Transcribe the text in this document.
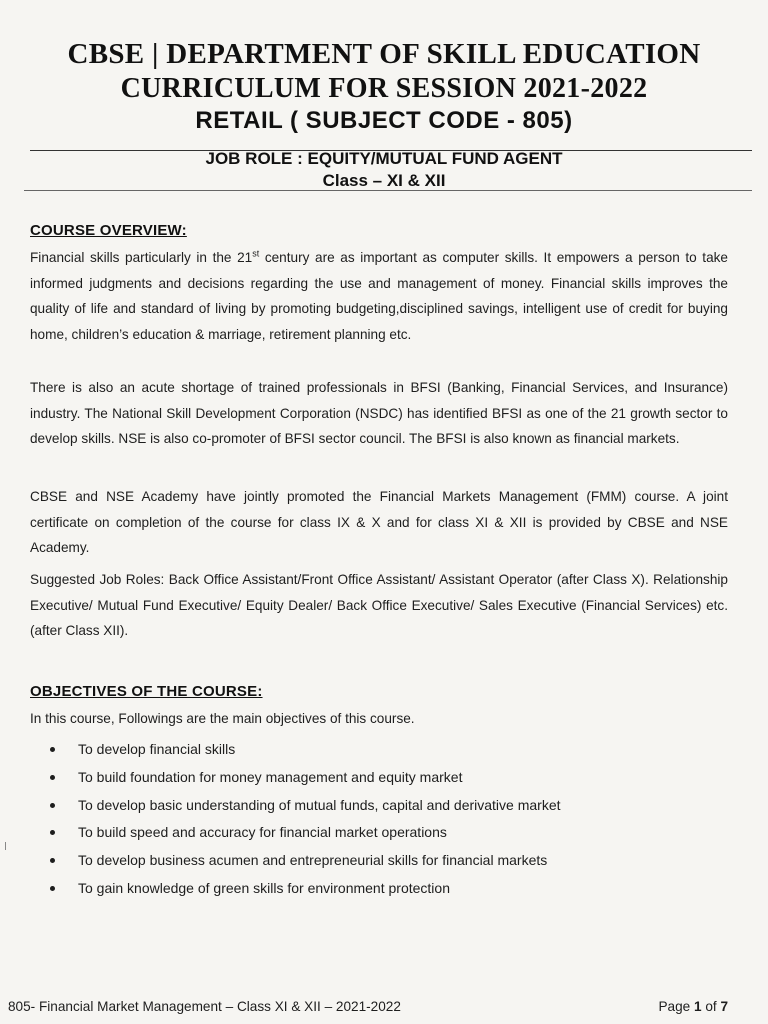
CBSE | DEPARTMENT OF SKILL EDUCATION
CURRICULUM FOR SESSION 2021-2022
RETAIL ( SUBJECT CODE - 805)
JOB ROLE : EQUITY/MUTUAL FUND AGENT
Class – XI & XII
COURSE OVERVIEW:
Financial skills particularly in the 21st century are as important as computer skills. It empowers a person to take informed judgments and decisions regarding the use and management of money. Financial skills improves the quality of life and standard of living by promoting budgeting,disciplined savings, intelligent use of credit for buying home, children’s education & marriage, retirement planning etc.
There is also an acute shortage of trained professionals in BFSI (Banking, Financial Services, and Insurance) industry. The National Skill Development Corporation (NSDC) has identified BFSI as one of the 21 growth sector to develop skills. NSE is also co-promoter of BFSI sector council. The BFSI is also known as financial markets.
CBSE and NSE Academy have jointly promoted the Financial Markets Management (FMM) course. A joint certificate on completion of the course for class IX & X and for class XI & XII is provided by CBSE and NSE Academy.
Suggested Job Roles: Back Office Assistant/Front Office Assistant/ Assistant Operator (after Class X). Relationship Executive/ Mutual Fund Executive/ Equity Dealer/ Back Office Executive/ Sales Executive (Financial Services) etc. (after Class XII).
OBJECTIVES OF THE COURSE:
In this course, Followings are the main objectives of this course.
To develop financial skills
To build foundation for money management and equity market
To develop basic understanding of mutual funds, capital and derivative market
To build speed and accuracy for financial market operations
To develop business acumen and entrepreneurial skills for financial markets
To gain knowledge of green skills for environment protection
805- Financial Market Management – Class XI & XII – 2021-2022	Page 1 of 7
